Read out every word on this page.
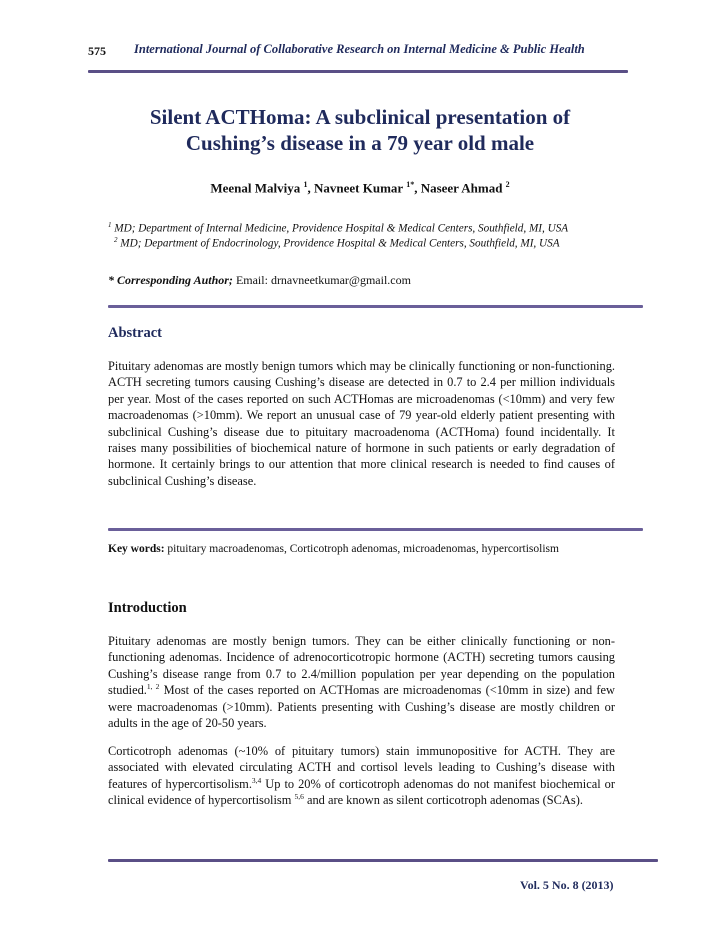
575 International Journal of Collaborative Research on Internal Medicine & Public Health
Silent ACTHoma: A subclinical presentation of
Cushing’s disease in a 79 year old male
Meenal Malviya $^1$, Navneet Kumar $^{1*}$, Naseer Ahmad $^2$
$^1$ MD; Department of Internal Medicine, Providence Hospital & Medical Centers, Southfield, MI, USA
$^2$ MD; Department of Endocrinology, Providence Hospital & Medical Centers, Southfield, MI, USA
* Corresponding Author; Email: drnavneetkumar@gmail.com
Abstract
Pituitary adenomas are mostly benign tumors which may be clinically functioning or non-functioning. ACTH secreting tumors causing Cushing’s disease are detected in 0.7 to 2.4 per million individuals per year. Most of the cases reported on such ACTHomas are microadenomas (<10mm) and very few macroadenomas (>10mm). We report an unusual case of 79 year-old elderly patient presenting with subclinical Cushing’s disease due to pituitary macroadenoma (ACTHoma) found incidentally. It raises many possibilities of biochemical nature of hormone in such patients or early degradation of hormone. It certainly brings to our attention that more clinical research is needed to find causes of subclinical Cushing’s disease.
Key words: pituitary macroadenomas, Corticotroph adenomas, microadenomas, hypercortisolism
Introduction
Pituitary adenomas are mostly benign tumors. They can be either clinically functioning or non-functioning adenomas. Incidence of adrenocorticotropic hormone (ACTH) secreting tumors causing Cushing’s disease range from 0.7 to 2.4/million population per year depending on the population studied.$^{1, 2}$ Most of the cases reported on ACTHomas are microadenomas (<10mm in size) and few were macroadenomas (>10mm). Patients presenting with Cushing’s disease are mostly children or adults in the age of 20-50 years.
Corticotroph adenomas (~10% of pituitary tumors) stain immunopositive for ACTH. They are associated with elevated circulating ACTH and cortisol levels leading to Cushing’s disease with features of hypercortisolism.$^{3,4}$ Up to 20% of corticotroph adenomas do not manifest biochemical or clinical evidence of hypercortisolism $^{5,6}$ and are known as silent corticotroph adenomas (SCAs).
Vol. 5 No. 8 (2013)
